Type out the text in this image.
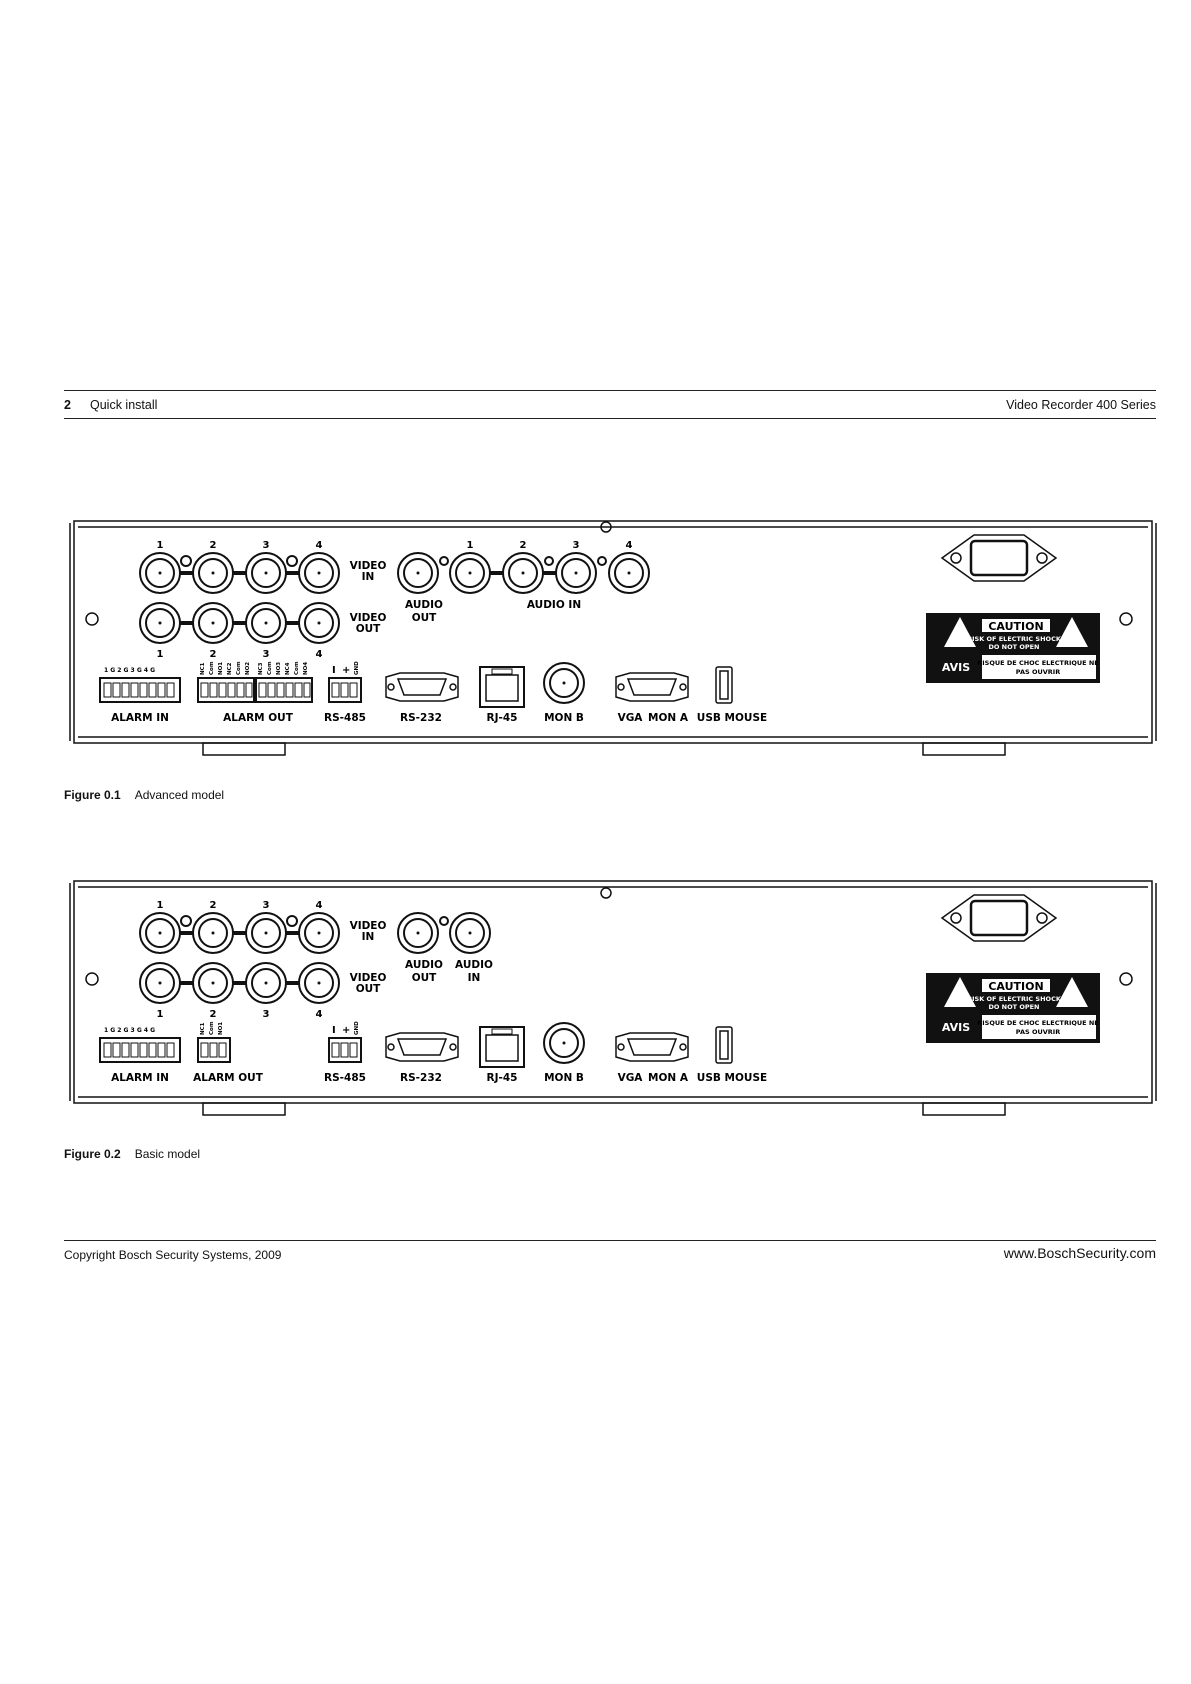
2 Quick install	Video Recorder 400 Series
1	2	3	4
1	2	3	4
1	2	3	4
VIDEO
IN
VIDEO
OUT
AUDIO
OUT
AUDIO IN
CAUTION
RISK OF ELECTRIC SHOCK
DO NOT OPEN
AVIS RISQUE DE CHOC ELECTRIQUE NE
PAS OUVRIR
1 G 2 G 3 G 4 G	NC1 Com NO1 NC2 Com NO2 NC3 Com NO3 NC4 Com NO4 I + GND
ALARM IN	ALARM OUT	RS-485	RS-232	RJ-45	MON B	VGA MON A USB MOUSE
Figure 0.1 Advanced model
1	2	3	4
1	2	3	4
VIDEO
IN
VIDEO
OUT
AUDIO
OUT
AUDIO
IN
CAUTION
RISK OF ELECTRIC SHOCK
DO NOT OPEN
AVIS RISQUE DE CHOC ELECTRIQUE NE
PAS OUVRIR
1 G 2 G 3 G 4 G	NC1 Com NO1	I + GND
ALARM IN ALARM OUT	RS-485	RS-232	RJ-45	MON B	VGA MON A USB MOUSE
Figure 0.2 Basic model
Copyright Bosch Security Systems, 2009	www.BoschSecurity.com
